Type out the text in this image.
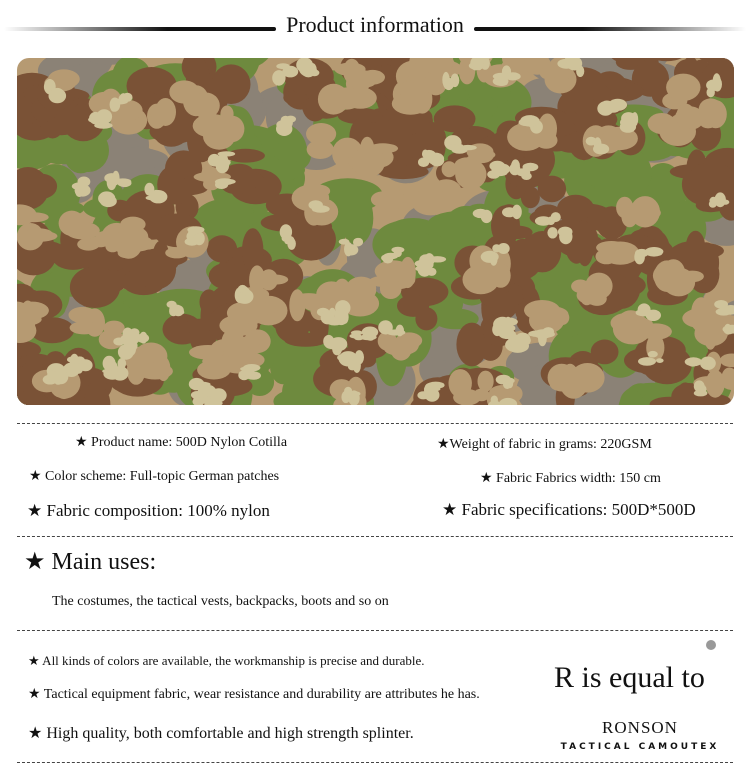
Product information
★ Product name: 500D Nylon Cotilla	★Weight of fabric in grams: 220GSM
★ Color scheme: Full-topic German patches	★ Fabric Fabrics width: 150 cm
★ Fabric composition: 100% nylon	★ Fabric specifications: 500D*500D
★ Main uses:
The costumes, the tactical vests, backpacks, boots and so on
★ All kinds of colors are available, the workmanship is precise and durable.
★ Tactical equipment fabric, wear resistance and durability are attributes he has.
★ High quality, both comfortable and high strength splinter.
R is equal to
RONSON
TACTICAL CAMOUTEX
